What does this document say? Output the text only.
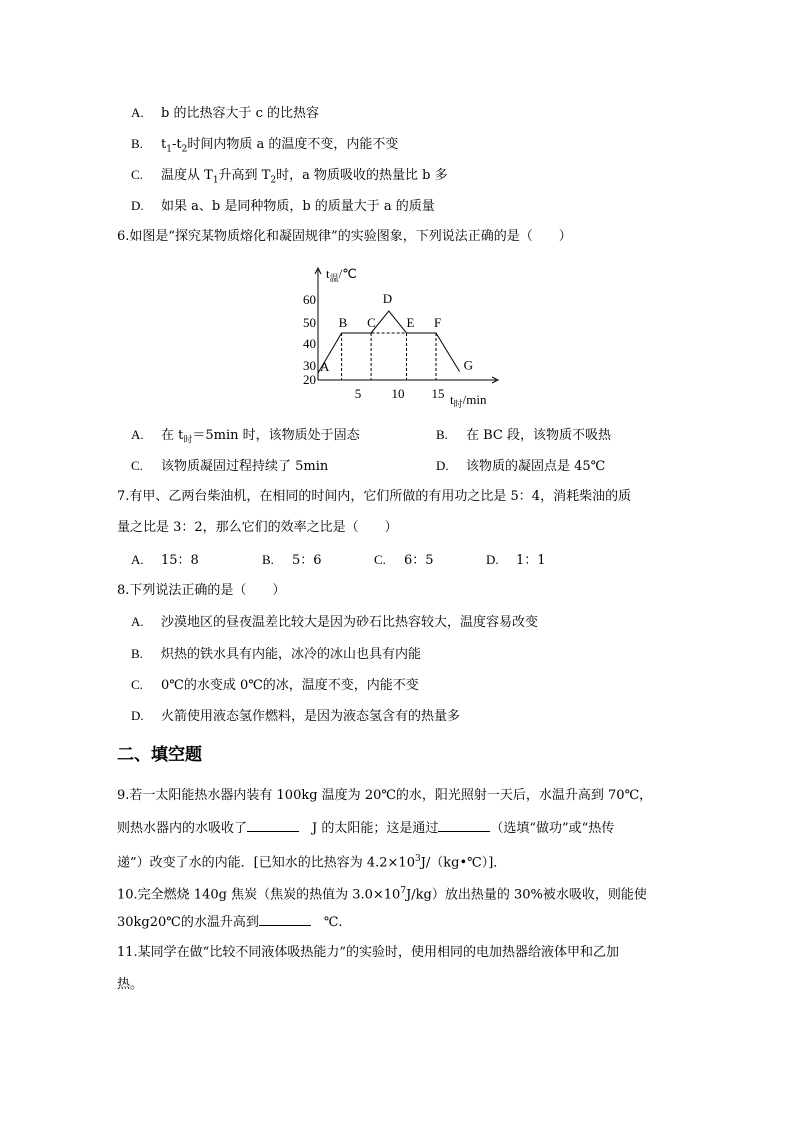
A. b 的比热容大于 c 的比热容
B. $t_1-t_2$时间内物质 a 的温度不变，内能不变
C. 温度从 $T_1$升高到 $T_2$时，a 物质吸收的热量比 b 多
D. 如果 a、b 是同种物质，b 的质量大于 a 的质量
6.如图是“探究某物质熔化和凝固规律”的实验图象，下列说法正确的是（　　）
$t_温/℃$
$t_时/\min$
60
50
40
30
20
5 10 15
A
B C
D
E F
G
A. 在 $t_时=5\min$ 时，该物质处于固态	B. 在 BC 段，该物质不吸热
C. 该物质凝固过程持续了 5min	D. 该物质的凝固点是 45℃
7.有甲、乙两台柴油机，在相同的时间内，它们所做的有用功之比是 5：4，消耗柴油的质
量之比是 3：2，那么它们的效率之比是（　　）
A. 15：8	B. 5：6	C. 6：5	D. 1：1
8.下列说法正确的是（　　）
A. 沙漠地区的昼夜温差比较大是因为砂石比热容较大，温度容易改变
B. 炽热的铁水具有内能，冰冷的冰山也具有内能
C. 0℃的水变成 0℃的冰，温度不变，内能不变
D. 火箭使用液态氢作燃料，是因为液态氢含有的热量多
二、填空题
9.若一太阳能热水器内装有 100kg 温度为 20℃的水，阳光照射一天后，水温升高到 70℃，
则热水器内的水吸收了	　J 的太阳能；这是通过	（选填“做功”或“热传
递”）改变了水的内能．[已知水的比热容为 $4.2\times 10^3J/(kg•℃)$]．
10.完全燃烧 140g 焦炭（焦炭的热值为 $3.0\times 10^7J/kg$）放出热量的 30%被水吸收，则能使
30kg20℃的水温升高到	　℃.
11.某同学在做“比较不同液体吸热能力”的实验时，使用相同的电加热器给液体甲和乙加
热。
